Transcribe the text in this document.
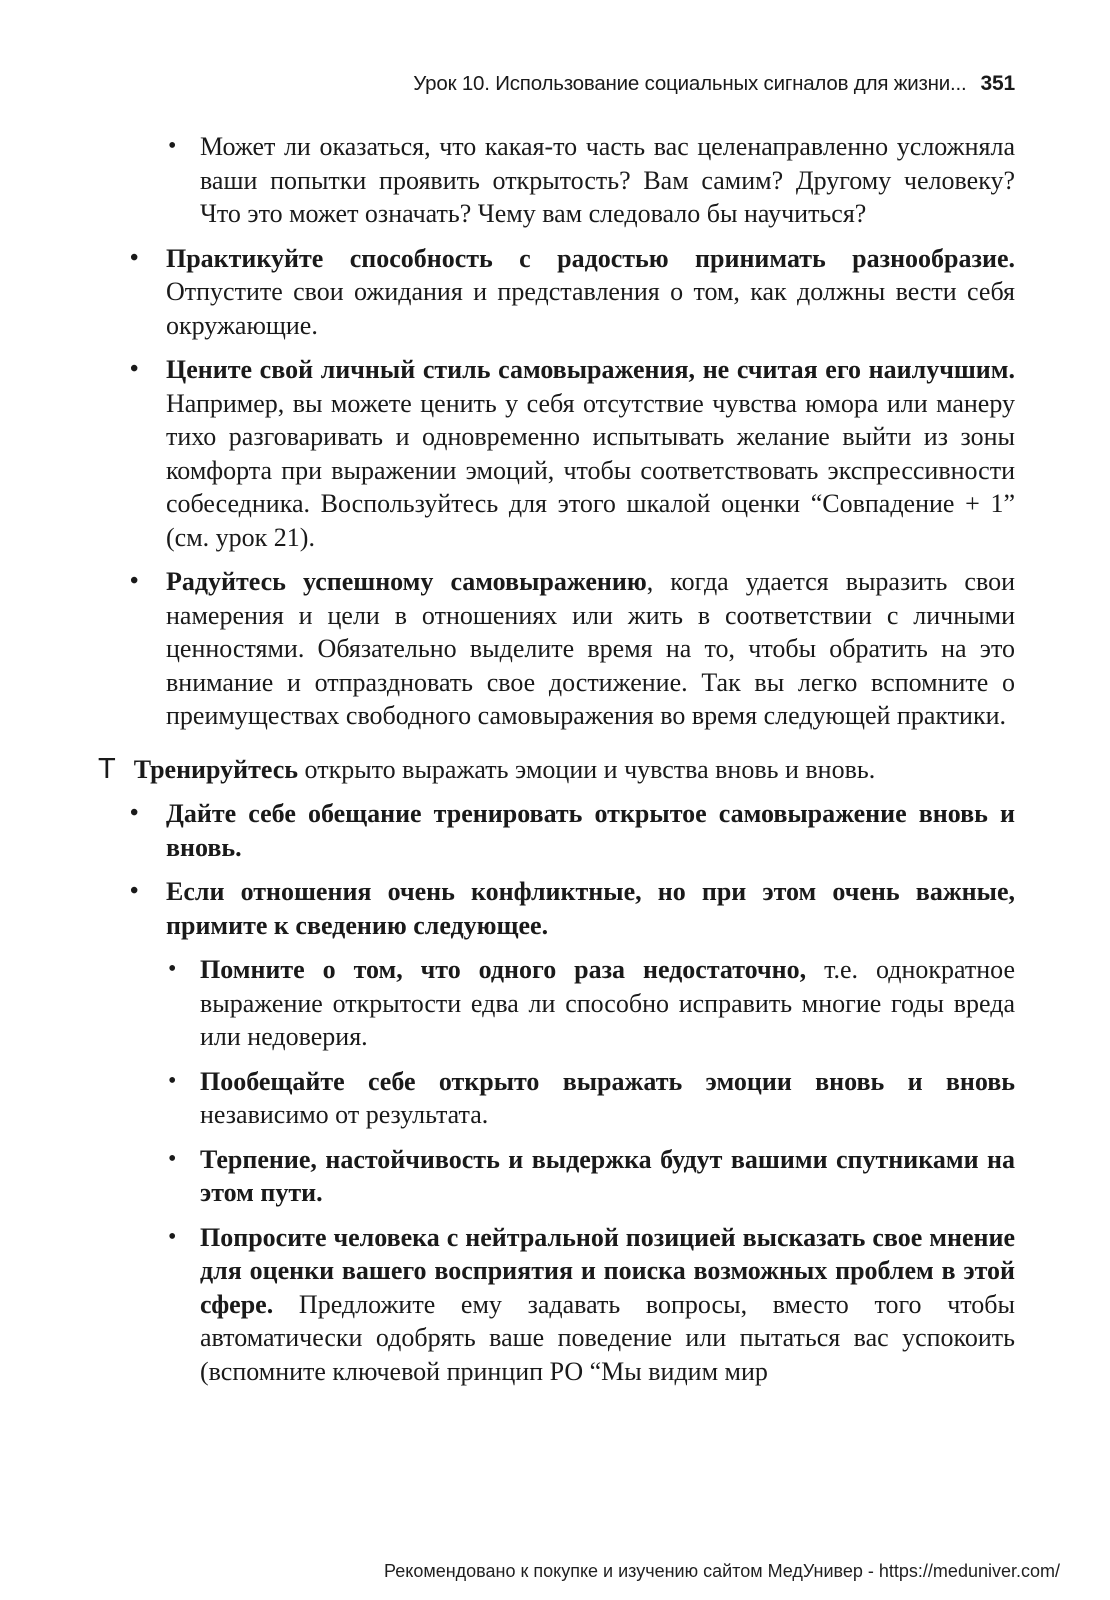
Урок 10. Использование социальных сигналов для жизни... 351
• Может ли оказаться, что какая-то часть вас целенаправленно усложняла ваши попытки проявить открытость? Вам самим? Другому человеку? Что это может означать? Чему вам следовало бы научиться?
• Практикуйте способность с радостью принимать разнообразие. Отпустите свои ожидания и представления о том, как должны вести себя окружающие.
• Цените свой личный стиль самовыражения, не считая его наилучшим. Например, вы можете ценить у себя отсутствие чувства юмора или манеру тихо разговаривать и одновременно испытывать желание выйти из зоны комфорта при выражении эмоций, чтобы соответствовать экспрессивности собеседника. Воспользуйтесь для этого шкалой оценки “Совпадение + 1” (см. урок 21).
• Радуйтесь успешному самовыражению, когда удается выразить свои намерения и цели в отношениях или жить в соответствии с личными ценностями. Обязательно выделите время на то, чтобы обратить на это внимание и отпраздновать свое достижение. Так вы легко вспомните о преимуществах свободного самовыражения во время следующей практики.
T Тренируйтесь открыто выражать эмоции и чувства вновь и вновь.
• Дайте себе обещание тренировать открытое самовыражение вновь и вновь.
• Если отношения очень конфликтные, но при этом очень важные, примите к сведению следующее.
• Помните о том, что одного раза недостаточно, т.е. однократное выражение открытости едва ли способно исправить многие годы вреда или недоверия.
• Пообещайте себе открыто выражать эмоции вновь и вновь независимо от результата.
• Терпение, настойчивость и выдержка будут вашими спутниками на этом пути.
• Попросите человека с нейтральной позицией высказать свое мнение для оценки вашего восприятия и поиска возможных проблем в этой сфере. Предложите ему задавать вопросы, вместо того чтобы автоматически одобрять ваше поведение или пытаться вас успокоить (вспомните ключевой принцип РО “Мы видим мир
Рекомендовано к покупке и изучению сайтом МедУнивер - https://meduniver.com/
